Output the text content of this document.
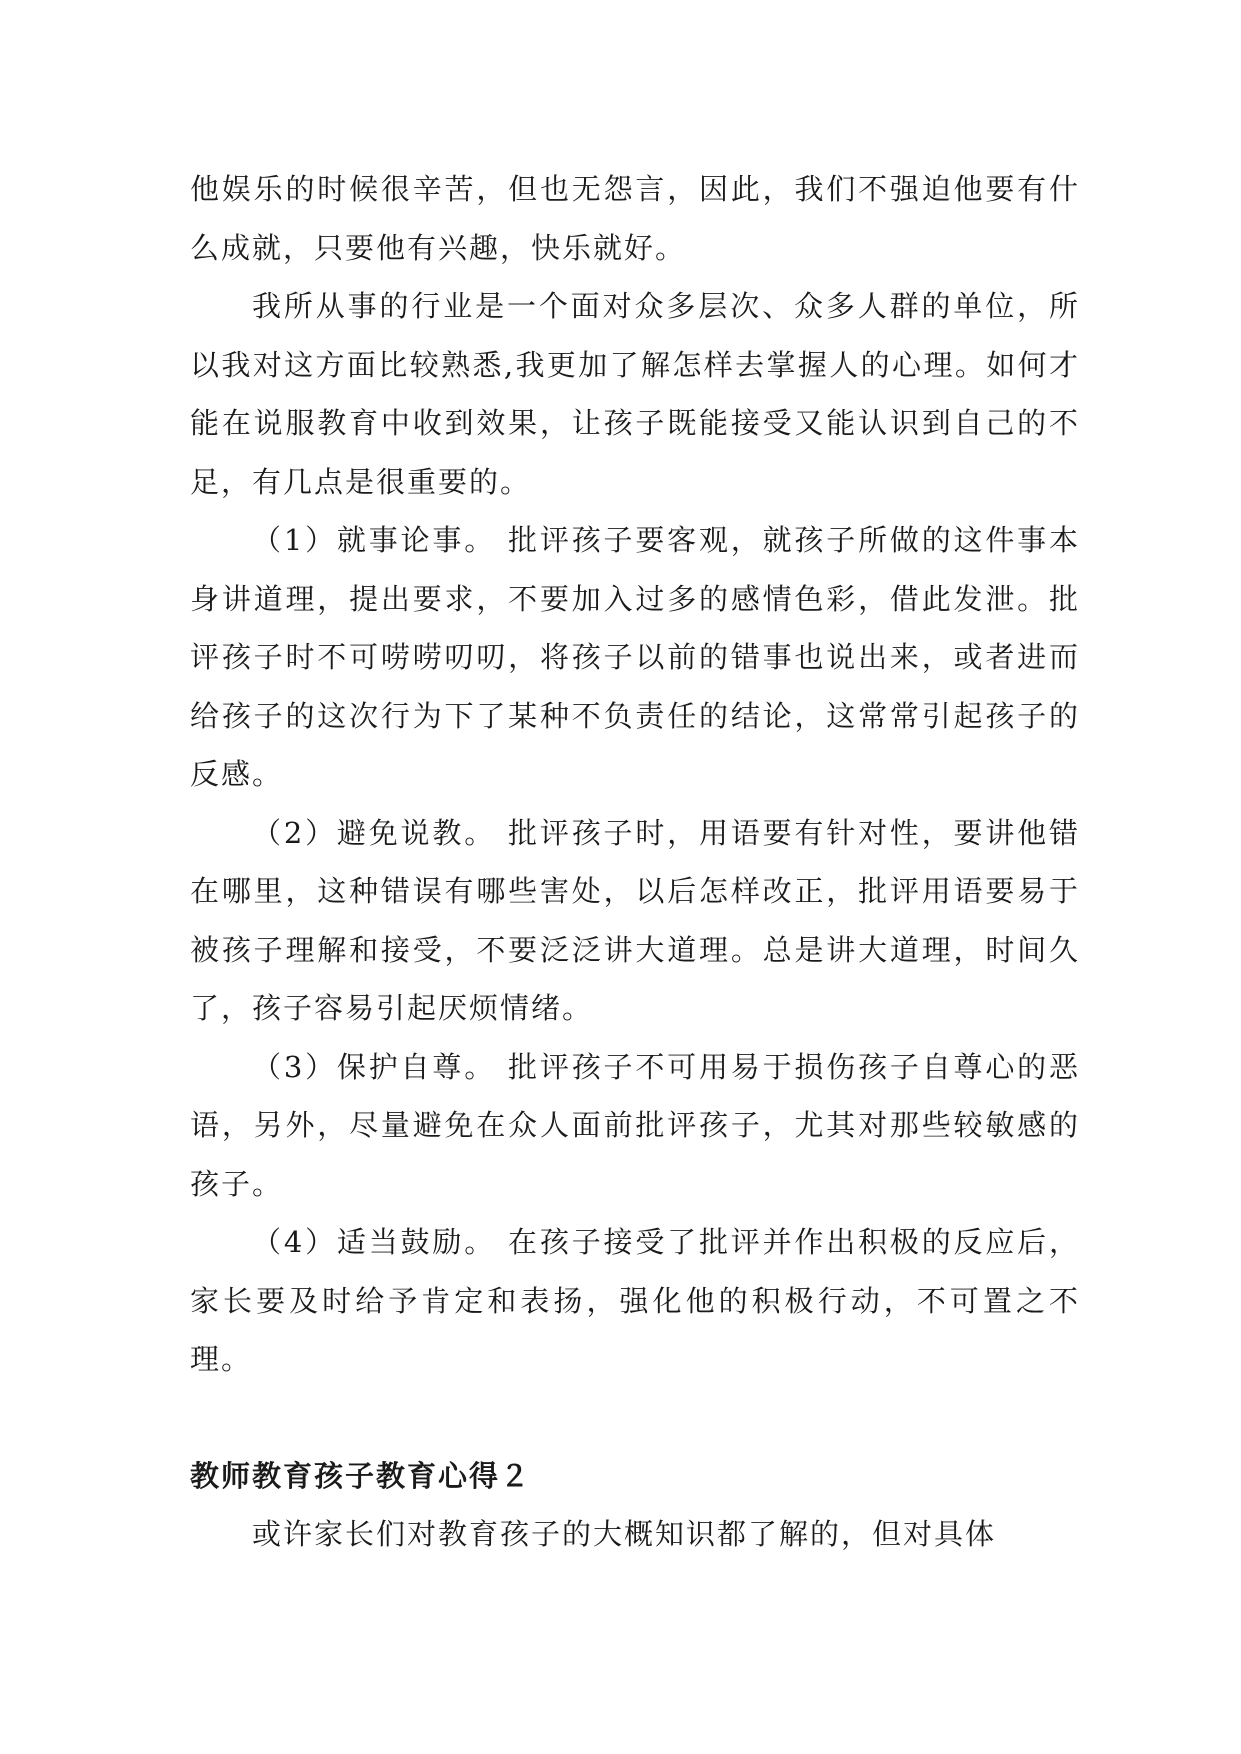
他娱乐的时候很辛苦，但也无怨言，因此，我们不强迫他要有什么成就，只要他有兴趣，快乐就好。

我所从事的行业是一个面对众多层次、众多人群的单位，所以我对这方面比较熟悉,我更加了解怎样去掌握人的心理。如何才能在说服教育中收到效果，让孩子既能接受又能认识到自己的不足，有几点是很重要的。

（1）就事论事。 批评孩子要客观，就孩子所做的这件事本身讲道理，提出要求，不要加入过多的感情色彩，借此发泄。批评孩子时不可唠唠叨叨，将孩子以前的错事也说出来，或者进而给孩子的这次行为下了某种不负责任的结论，这常常引起孩子的反感。

（2）避免说教。 批评孩子时，用语要有针对性，要讲他错在哪里，这种错误有哪些害处，以后怎样改正，批评用语要易于被孩子理解和接受，不要泛泛讲大道理。总是讲大道理，时间久了，孩子容易引起厌烦情绪。

（3）保护自尊。 批评孩子不可用易于损伤孩子自尊心的恶语，另外，尽量避免在众人面前批评孩子，尤其对那些较敏感的孩子。

（4）适当鼓励。 在孩子接受了批评并作出积极的反应后，家长要及时给予肯定和表扬，强化他的积极行动，不可置之不理。

教师教育孩子教育心得２

或许家长们对教育孩子的大概知识都了解的，但对具体
